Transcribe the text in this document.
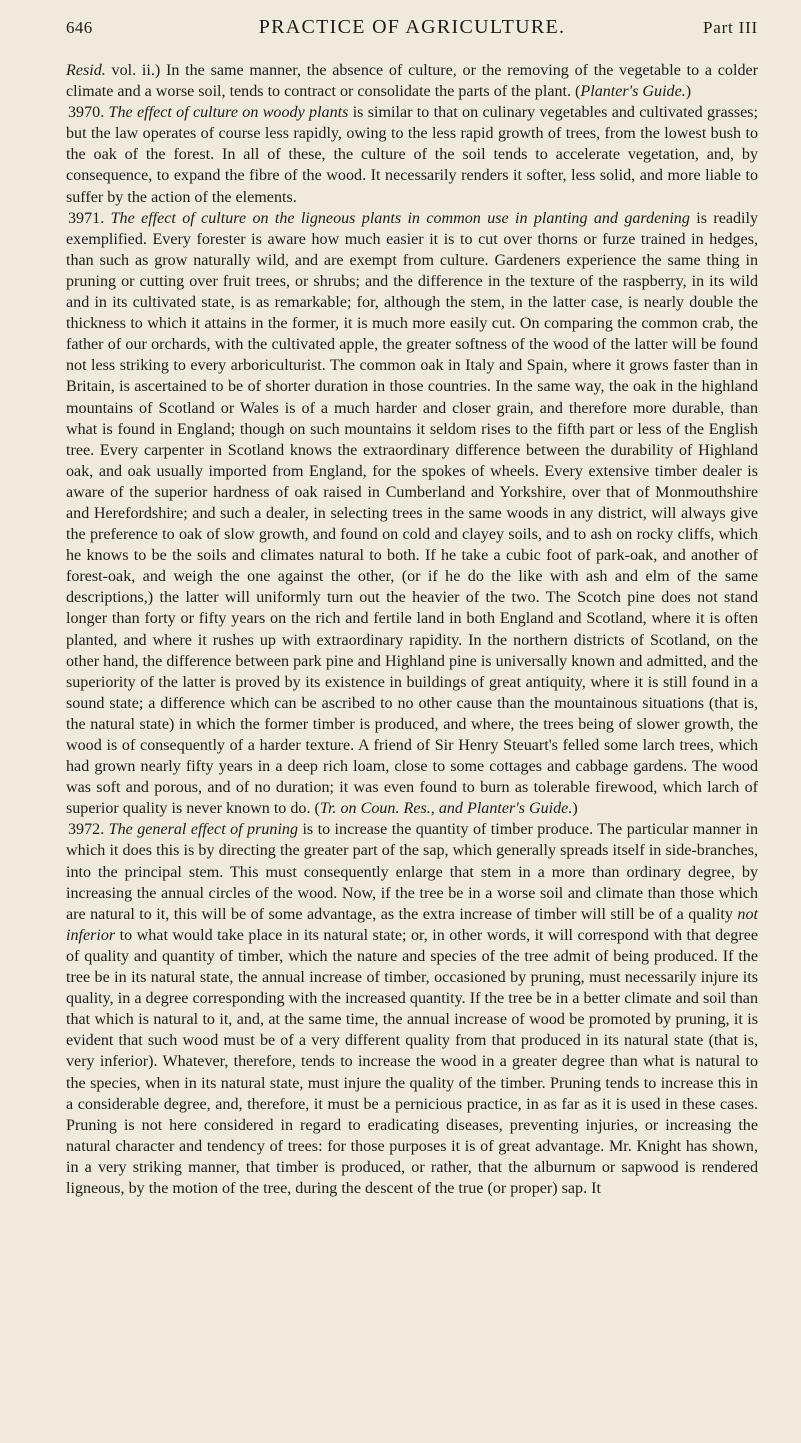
646	PRACTICE OF AGRICULTURE.	Part III

Resid. vol. ii.) In the same manner, the absence of culture, or the removing of the vegetable to a colder climate and a worse soil, tends to contract or consolidate the parts of the plant. (Planter's Guide.)

3970. The effect of culture on woody plants is similar to that on culinary vegetables and cultivated grasses; but the law operates of course less rapidly, owing to the less rapid growth of trees, from the lowest bush to the oak of the forest. In all of these, the culture of the soil tends to accelerate vegetation, and, by consequence, to expand the fibre of the wood. It necessarily renders it softer, less solid, and more liable to suffer by the action of the elements.

3971. The effect of culture on the ligneous plants in common use in planting and gardening is readily exemplified. Every forester is aware how much easier it is to cut over thorns or furze trained in hedges, than such as grow naturally wild, and are exempt from culture. Gardeners experience the same thing in pruning or cutting over fruit trees, or shrubs; and the difference in the texture of the raspberry, in its wild and in its cultivated state, is as remarkable; for, although the stem, in the latter case, is nearly double the thickness to which it attains in the former, it is much more easily cut. On comparing the common crab, the father of our orchards, with the cultivated apple, the greater softness of the wood of the latter will be found not less striking to every arboriculturist. The common oak in Italy and Spain, where it grows faster than in Britain, is ascertained to be of shorter duration in those countries. In the same way, the oak in the highland mountains of Scotland or Wales is of a much harder and closer grain, and therefore more durable, than what is found in England; though on such mountains it seldom rises to the fifth part or less of the English tree. Every carpenter in Scotland knows the extraordinary difference between the durability of Highland oak, and oak usually imported from England, for the spokes of wheels. Every extensive timber dealer is aware of the superior hardness of oak raised in Cumberland and Yorkshire, over that of Monmouthshire and Herefordshire; and such a dealer, in selecting trees in the same woods in any district, will always give the preference to oak of slow growth, and found on cold and clayey soils, and to ash on rocky cliffs, which he knows to be the soils and climates natural to both. If he take a cubic foot of park-oak, and another of forest-oak, and weigh the one against the other, (or if he do the like with ash and elm of the same descriptions,) the latter will uniformly turn out the heavier of the two. The Scotch pine does not stand longer than forty or fifty years on the rich and fertile land in both England and Scotland, where it is often planted, and where it rushes up with extraordinary rapidity. In the northern districts of Scotland, on the other hand, the difference between park pine and Highland pine is universally known and admitted, and the superiority of the latter is proved by its existence in buildings of great antiquity, where it is still found in a sound state; a difference which can be ascribed to no other cause than the mountainous situations (that is, the natural state) in which the former timber is produced, and where, the trees being of slower growth, the wood is of consequently of a harder texture. A friend of Sir Henry Steuart's felled some larch trees, which had grown nearly fifty years in a deep rich loam, close to some cottages and cabbage gardens. The wood was soft and porous, and of no duration; it was even found to burn as tolerable firewood, which larch of superior quality is never known to do. (Tr. on Coun. Res., and Planter's Guide.)

3972. The general effect of pruning is to increase the quantity of timber produce. The particular manner in which it does this is by directing the greater part of the sap, which generally spreads itself in side-branches, into the principal stem. This must consequently enlarge that stem in a more than ordinary degree, by increasing the annual circles of the wood. Now, if the tree be in a worse soil and climate than those which are natural to it, this will be of some advantage, as the extra increase of timber will still be of a quality not inferior to what would take place in its natural state; or, in other words, it will correspond with that degree of quality and quantity of timber, which the nature and species of the tree admit of being produced. If the tree be in its natural state, the annual increase of timber, occasioned by pruning, must necessarily injure its quality, in a degree corresponding with the increased quantity. If the tree be in a better climate and soil than that which is natural to it, and, at the same time, the annual increase of wood be promoted by pruning, it is evident that such wood must be of a very different quality from that produced in its natural state (that is, very inferior). Whatever, therefore, tends to increase the wood in a greater degree than what is natural to the species, when in its natural state, must injure the quality of the timber. Pruning tends to increase this in a considerable degree, and, therefore, it must be a pernicious practice, in as far as it is used in these cases. Pruning is not here considered in regard to eradicating diseases, preventing injuries, or increasing the natural character and tendency of trees: for those purposes it is of great advantage. Mr. Knight has shown, in a very striking manner, that timber is produced, or rather, that the alburnum or sapwood is rendered ligneous, by the motion of the tree, during the descent of the true (or proper) sap. It
